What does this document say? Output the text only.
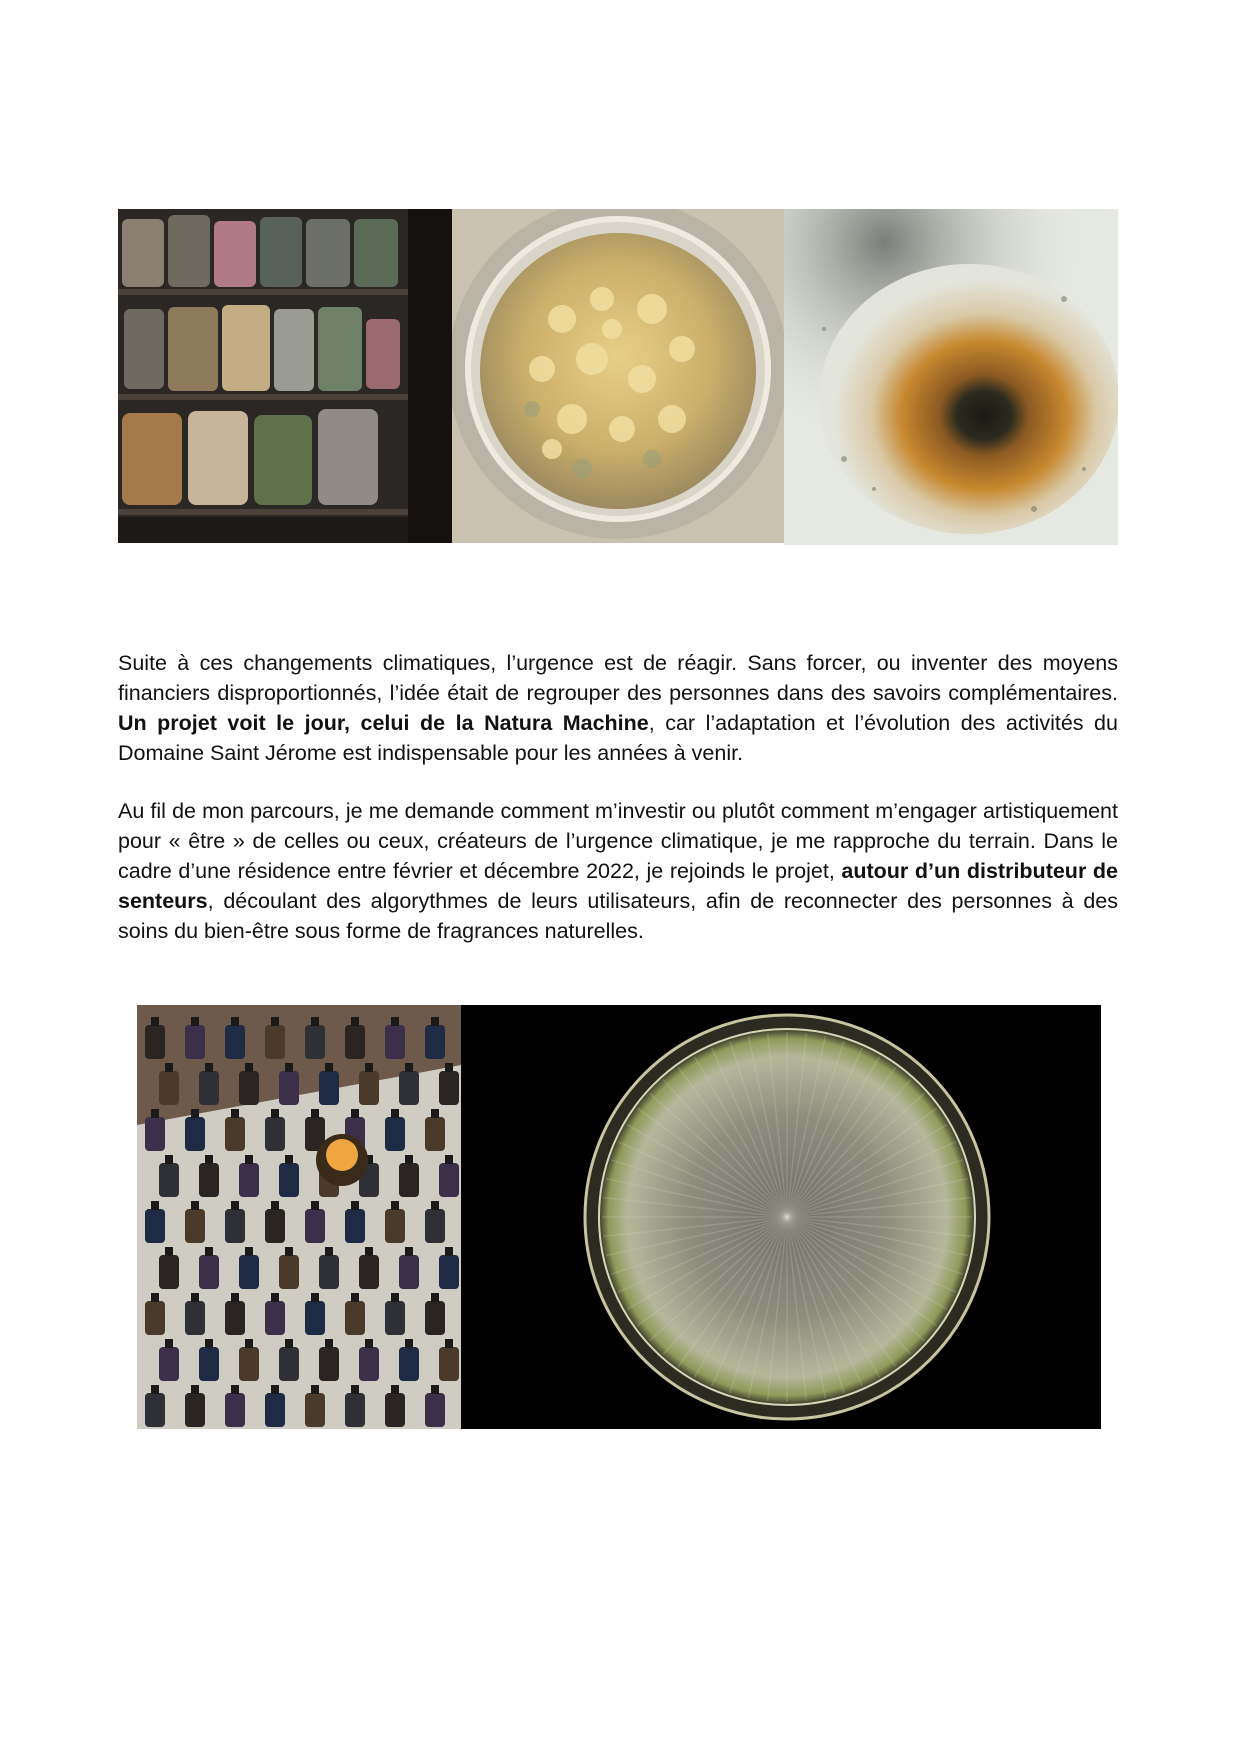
Suite à ces changements climatiques, l’urgence est de réagir. Sans forcer, ou inventer des moyens financiers disproportionnés, l’idée était de regrouper des personnes dans des savoirs complémentaires. Un projet voit le jour, celui de la Natura Machine, car l’adaptation et l’évolution des activités du Domaine Saint Jérome est indispensable pour les années à venir.

Au fil de mon parcours, je me demande comment m’investir ou plutôt comment m’engager artistiquement pour « être » de celles ou ceux, créateurs de l’urgence climatique, je me rapproche du terrain. Dans le cadre d’une résidence entre février et décembre 2022, je rejoinds le projet, autour d’un distributeur de senteurs, découlant des algorythmes de leurs utilisateurs, afin de reconnecter des personnes à des soins du bien-être sous forme de fragrances naturelles.
